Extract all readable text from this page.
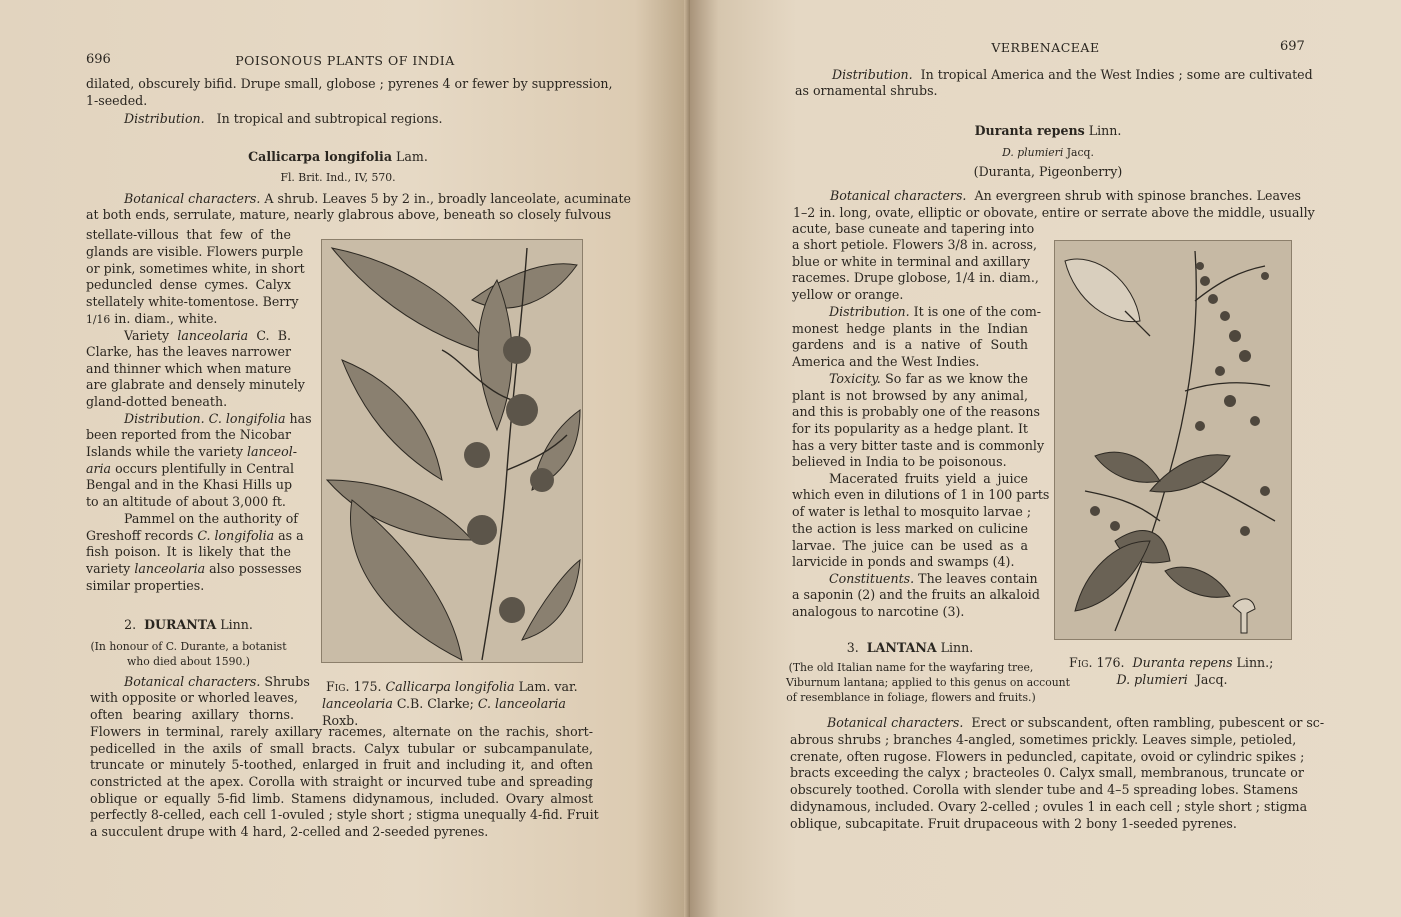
696	POISONOUS PLANTS OF INDIA

dilated, obscurely bifid. Drupe small, globose ; pyrenes 4 or fewer by suppression,

1-seeded.

Distribution. In tropical and subtropical regions.

Callicarpa longifolia Lam.

Fl. Brit. Ind., IV, 570.

Botanical characters. A shrub. Leaves 5 by 2 in., broadly lanceolate, acuminate

at both ends, serrulate, mature, nearly glabrous above, beneath so closely fulvous

stellate-villous that few of the

glands are visible. Flowers purple

or pink, sometimes white, in short

peduncled dense cymes. Calyx

stellately white-tomentose. Berry

1/16 in. diam., white.

Variety lanceolaria C. B.

Clarke, has the leaves narrower

and thinner which when mature

are glabrate and densely minutely

gland-dotted beneath.

Distribution. C. longifolia has

been reported from the Nicobar

Islands while the variety lanceol-

aria occurs plentifully in Central

Bengal and in the Khasi Hills up

to an altitude of about 3,000 ft.

Pammel on the authority of

Greshoff records C. longifolia as a

fish poison. It is likely that the

variety lanceolaria also possesses

similar properties.

2. DURANTA Linn.

(In honour of C. Durante, a botanist

who died about 1590.)

Botanical characters. Shrubs

with opposite or whorled leaves,

often bearing axillary thorns.

Flowers in terminal, rarely axillary racemes, alternate on the rachis, short-

pedicelled in the axils of small bracts. Calyx tubular or subcampanulate,

truncate or minutely 5-toothed, enlarged in fruit and including it, and often

constricted at the apex. Corolla with straight or incurved tube and spreading

oblique or equally 5-fid limb. Stamens didynamous, included. Ovary almost

perfectly 8-celled, each cell 1-ovuled ; style short ; stigma unequally 4-fid. Fruit

a succulent drupe with 4 hard, 2-celled and 2-seeded pyrenes.

Fig. 175. Callicarpa longifolia Lam. var.

lanceolaria C.B. Clarke; C. lanceolaria Roxb.

VERBENACEAE	697

Distribution. In tropical America and the West Indies ; some are cultivated

as ornamental shrubs.

Duranta repens Linn.

D. plumieri Jacq.

(Duranta, Pigeonberry)

Botanical characters. An evergreen shrub with spinose branches. Leaves

1–2 in. long, ovate, elliptic or obovate, entire or serrate above the middle, usually

acute, base cuneate and tapering into

a short petiole. Flowers 3/8 in. across,

blue or white in terminal and axillary

racemes. Drupe globose, 1/4 in. diam.,

yellow or orange.

Distribution. It is one of the com-

monest hedge plants in the Indian

gardens and is a native of South

America and the West Indies.

Toxicity. So far as we know the

plant is not browsed by any animal,

and this is probably one of the reasons

for its popularity as a hedge plant. It

has a very bitter taste and is commonly

believed in India to be poisonous.

Macerated fruits yield a juice

which even in dilutions of 1 in 100 parts

of water is lethal to mosquito larvae ;

the action is less marked on culicine

larvae. The juice can be used as a

larvicide in ponds and swamps (4).

Constituents. The leaves contain

a saponin (2) and the fruits an alkaloid

analogous to narcotine (3).

3. LANTANA Linn.

(The old Italian name for the wayfaring tree,

Viburnum lantana; applied to this genus on account

of resemblance in foliage, flowers and fruits.)

Fig. 176. Duranta repens Linn.;

D. plumieri Jacq.

Botanical characters. Erect or subscandent, often rambling, pubescent or sc-

abrous shrubs ; branches 4-angled, sometimes prickly. Leaves simple, petioled,

crenate, often rugose. Flowers in peduncled, capitate, ovoid or cylindric spikes ;

bracts exceeding the calyx ; bracteoles 0. Calyx small, membranous, truncate or

obscurely toothed. Corolla with slender tube and 4–5 spreading lobes. Stamens

didynamous, included. Ovary 2-celled ; ovules 1 in each cell ; style short ; stigma

oblique, subcapitate. Fruit drupaceous with 2 bony 1-seeded pyrenes.
